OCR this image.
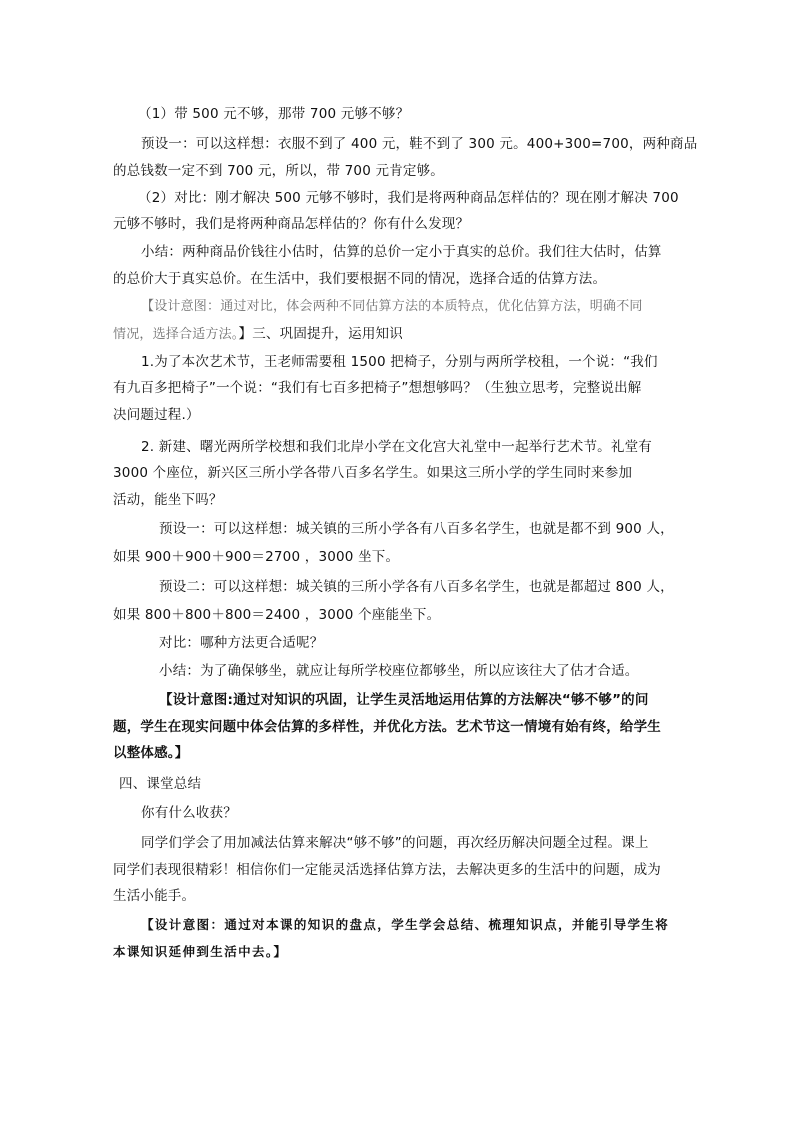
（1）带 500 元不够，那带 700 元够不够？
预设一：可以这样想：衣服不到了 400 元，鞋不到了 300 元。400+300=700，两种商品
的总钱数一定不到 700 元，所以，带 700 元肯定够。
（2）对比：刚才解决 500 元够不够时，我们是将两种商品怎样估的？现在刚才解决 700
元够不够时，我们是将两种商品怎样估的？你有什么发现？
小结：两种商品价钱往小估时，估算的总价一定小于真实的总价。我们往大估时，估算
的总价大于真实总价。在生活中，我们要根据不同的情况，选择合适的估算方法。
【设计意图：通过对比，体会两种不同估算方法的本质特点，优化估算方法，明确不同
情况，选择合适方法。】三、巩固提升，运用知识
1.为了本次艺术节，王老师需要租 1500 把椅子，分别与两所学校租，一个说：“我们
有九百多把椅子”一个说：“我们有七百多把椅子”想想够吗？（生独立思考，完整说出解
决问题过程.）
2. 新建、曙光两所学校想和我们北岸小学在文化宫大礼堂中一起举行艺术节。礼堂有
3000 个座位，新兴区三所小学各带八百多名学生。如果这三所小学的学生同时来参加
活动，能坐下吗？
预设一：可以这样想：城关镇的三所小学各有八百多名学生，也就是都不到 900 人，
如果 900＋900＋900＝2700 ，3000 坐下。
预设二：可以这样想：城关镇的三所小学各有八百多名学生，也就是都超过 800 人，
如果 800＋800＋800＝2400 ，3000 个座能坐下。
对比：哪种方法更合适呢？
小结：为了确保够坐，就应让每所学校座位都够坐，所以应该往大了估才合适。
【设计意图:通过对知识的巩固，让学生灵活地运用估算的方法解决“够不够”的问
题，学生在现实问题中体会估算的多样性，并优化方法。艺术节这一情境有始有终，给学生
以整体感。】
四、课堂总结
你有什么收获？
同学们学会了用加减法估算来解决“够不够”的问题，再次经历解决问题全过程。课上
同学们表现很精彩！相信你们一定能灵活选择估算方法，去解决更多的生活中的问题，成为
生活小能手。
【设计意图：通过对本课的知识的盘点，学生学会总结、梳理知识点，并能引导学生将
本课知识延伸到生活中去。】
